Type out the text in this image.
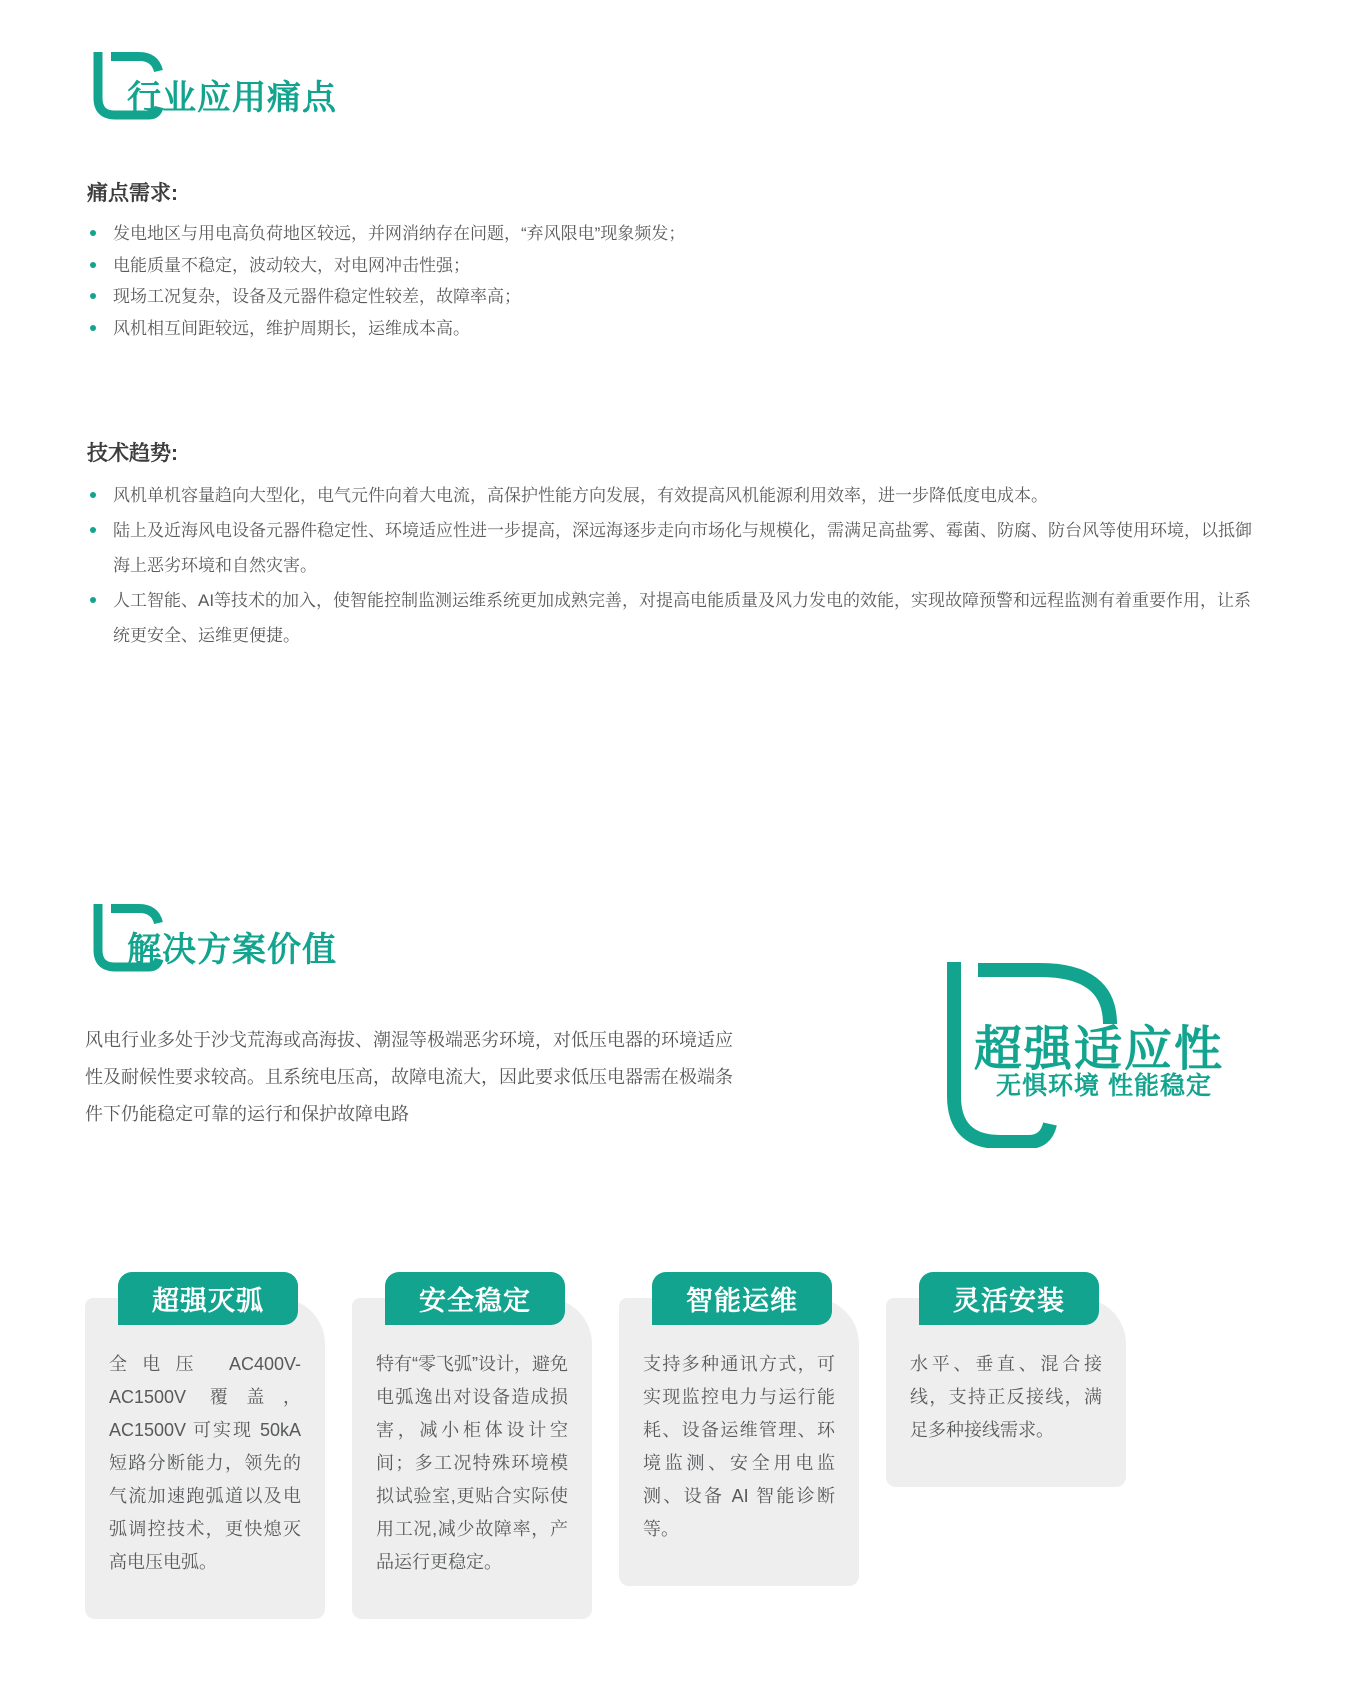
行业应用痛点
痛点需求:
发电地区与用电高负荷地区较远，并网消纳存在问题，“弃风限电”现象频发；
电能质量不稳定，波动较大，对电网冲击性强；
现场工况复杂，设备及元器件稳定性较差，故障率高；
风机相互间距较远，维护周期长，运维成本高。
技术趋势:
风机单机容量趋向大型化，电气元件向着大电流，高保护性能方向发展，有效提高风机能源利用效率，进一步降低度电成本。
陆上及近海风电设备元器件稳定性、环境适应性进一步提高，深远海逐步走向市场化与规模化，需满足高盐雾、霉菌、防腐、防台风等使用环境，以抵御海上恶劣环境和自然灾害。
人工智能、AI等技术的加入，使智能控制监测运维系统更加成熟完善，对提高电能质量及风力发电的效能，实现故障预警和远程监测有着重要作用，让系统更安全、运维更便捷。
解决方案价值

风电行业多处于沙戈荒海或高海拔、潮湿等极端恶劣环境，对低压电器的环境适应性及耐候性要求较高。且系统电压高，故障电流大，因此要求低压电器需在极端条件下仍能稳定可靠的运行和保护故障电路

超强适应性
无惧环境 性能稳定
超强灭弧
全电压 AC400V-AC1500V 覆盖，AC1500V 可实现 50kA 短路分断能力，领先的气流加速跑弧道以及电弧调控技术，更快熄灭高电压电弧。
安全稳定
特有“零飞弧”设计，避免电弧逸出对设备造成损害，减小柜体设计空间；多工况特殊环境模拟试验室,更贴合实际使用工况,减少故障率，产品运行更稳定。
智能运维
支持多种通讯方式，可实现监控电力与运行能耗、设备运维管理、环境监测、安全用电监测、设备 AI 智能诊断等。
灵活安装
水平、垂直、混合接线，支持正反接线，满足多种接线需求。
